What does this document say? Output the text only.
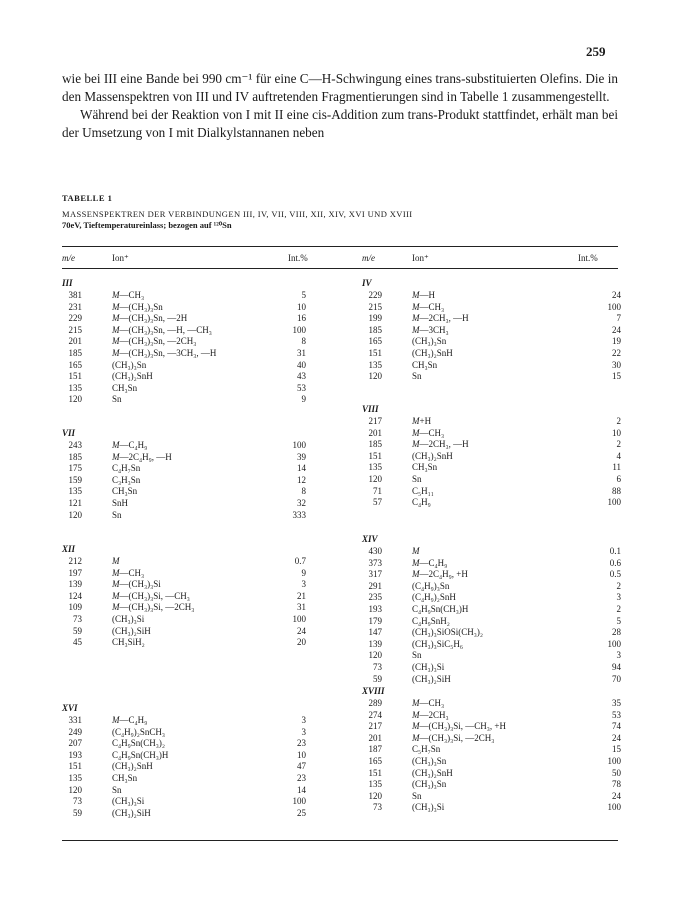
259

wie bei III eine Bande bei 990 cm⁻¹ für eine C—H-Schwingung eines trans-substituierten Olefins. Die in den Massenspektren von III und IV auftretenden Fragmentierungen sind in Tabelle 1 zusammengestellt.

Während bei der Reaktion von I mit II eine cis-Addition zum trans-Produkt stattfindet, erhält man bei der Umsetzung von I mit Dialkylstannanen neben

TABELLE 1
MASSENSPEKTREN DER VERBINDUNGEN III, IV, VII, VIII, XII, XIV, XVI UND XVIII
70eV, Tieftemperatureinlass; bezogen auf ¹²⁰Sn
m/e	Ion⁺	Int.%	m/e	Ion⁺	Int.%
III
381	M—CH₃	5
231	M—(CH₃)₃Sn	10
229	M—(CH₃)₃Sn, —2H	16
215	M—(CH₃)₃Sn, —H, —CH₃	100
201	M—(CH₃)₃Sn, —2CH₃	8
185	M—(CH₃)₃Sn, —3CH₃, —H	31
165	(CH₃)₃Sn	40
151	(CH₃)₂SnH	43
135	CH₃Sn	53
120	Sn	9
VII
243	M—C₄H₉	100
185	M—2C₄H₉, —H	39
175	C₄H₇Sn	14
159	C₃H₃Sn	12
135	CH₃Sn	8
121	SnH	32
120	Sn	333
XII
212	M	0.7
197	M—CH₃	9
139	M—(CH₃)₃Si	3
124	M—(CH₃)₃Si, —CH₃	21
109	M—(CH₃)₃Si, —2CH₃	31
73	(CH₃)₃Si	100
59	(CH₃)₂SiH	24
45	CH₃SiH₂	20
XVI
331	M—C₄H₉	3
249	(C₄H₉)₂SnCH₃	3
207	C₄H₉Sn(CH₃)₂	23
193	C₄H₉Sn(CH₃)H	10
151	(CH₃)₂SnH	47
135	CH₃Sn	23
120	Sn	14
73	(CH₃)₃Si	100
59	(CH₃)₂SiH	25
IV
229	M—H	24
215	M—CH₃	100
199	M—2CH₃, —H	7
185	M—3CH₃	24
165	(CH₃)₃Sn	19
151	(CH₃)₂SnH	22
135	CH₃Sn	30
120	Sn	15
VIII
217	M+H	2
201	M—CH₃	10
185	M—2CH₃, —H	2
151	(CH₃)₂SnH	4
135	CH₃Sn	11
120	Sn	6
71	C₅H₁₁	88
57	C₄H₉	100
XIV
430	M	0.1
373	M—C₄H₉	0.6
317	M—2C₄H₉, +H	0.5
291	(C₄H₉)₃Sn	2
235	(C₄H₉)₂SnH	3
193	C₄H₉Sn(CH₃)H	2
179	C₄H₉SnH₂	5
147	(CH₃)₃SiOSi(CH₃)₂	28
139	(CH₃)₃SiC₅H₆	100
120	Sn	3
73	(CH₃)₃Si	94
59	(CH₃)₂SiH	70
XVIII
289	M—CH₃	35
274	M—2CH₃	53
217	M—(CH₃)₃Si, —CH₃, +H	74
201	M—(CH₃)₃Si, —2CH₃	24
187	C₅H₇Sn	15
165	(CH₃)₃Sn	100
151	(CH₃)₂SnH	50
135	(CH₃)₃Sn	78
120	Sn	24
73	(CH₃)₃Si	100
